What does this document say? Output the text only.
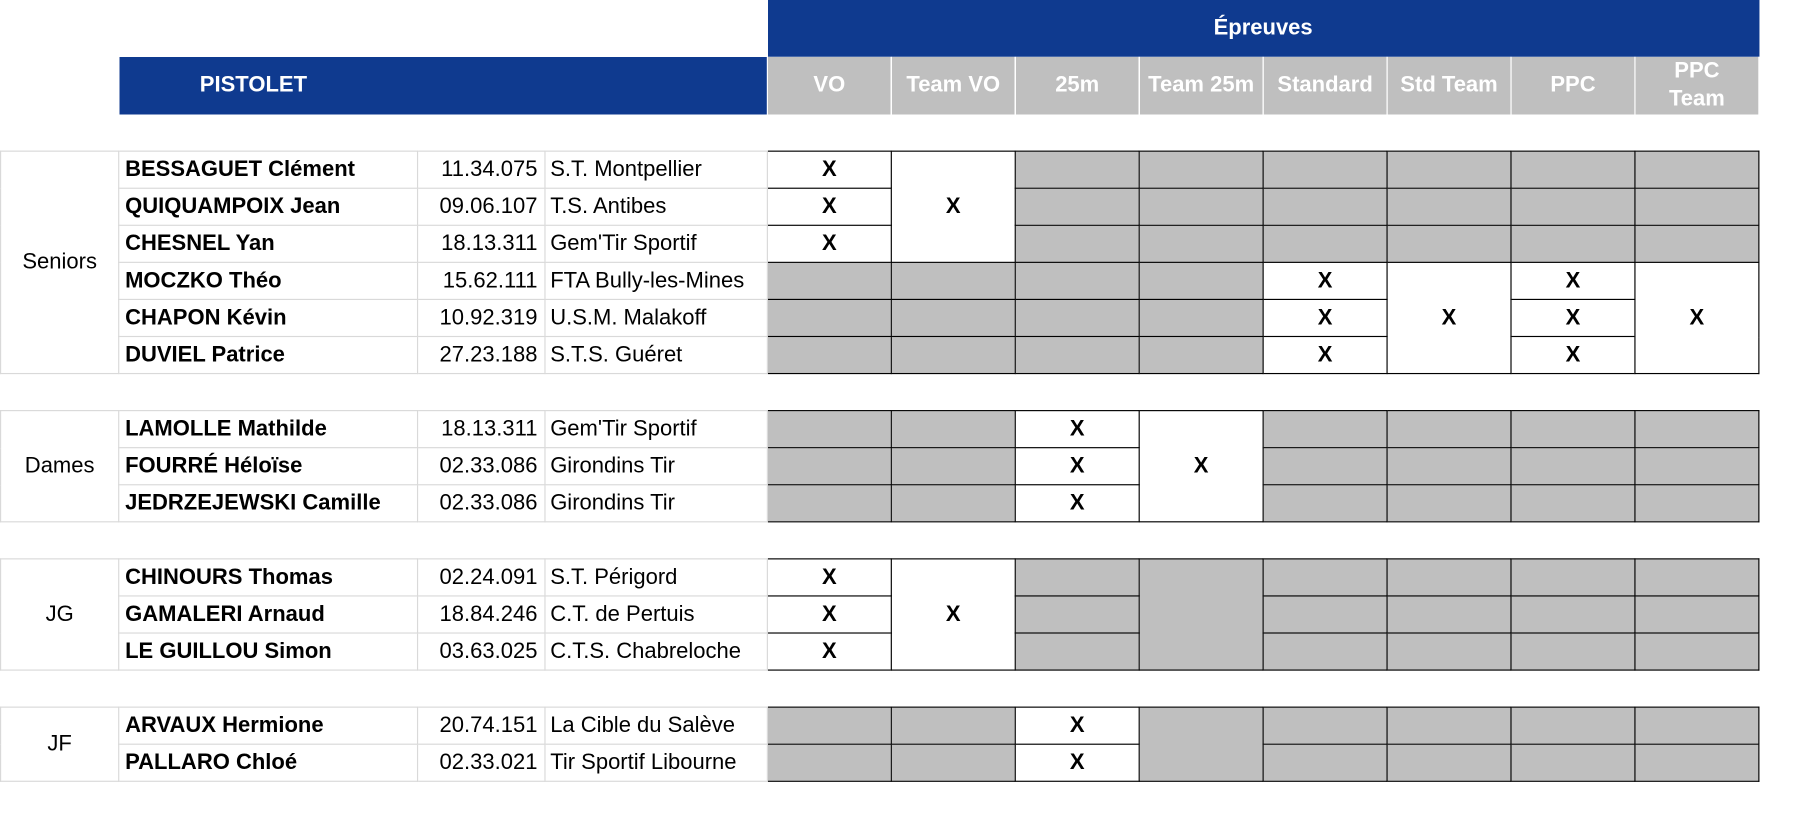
				Épreuves							
	PISTOLET			VO	Team VO	25m	Team 25m	Standard	Std Team	PPC	PPC
Team

Seniors	BESSAGUET Clément	11.34.075	S.T. Montpellier	X	X						
	QUIQUAMPOIX Jean	09.06.107	T.S. Antibes	X							
	CHESNEL Yan	18.13.311	Gem'Tir Sportif	X							
	MOCZKO Théo	15.62.111	FTA Bully-les-Mines					X	X	X	X
	CHAPON Kévin	10.92.319	U.S.M. Malakoff					X		X	
	DUVIEL Patrice	27.23.188	S.T.S. Guéret					X		X	

Dames	LAMOLLE Mathilde	18.13.311	Gem'Tir Sportif			X	X				
	FOURRÉ Héloïse	02.33.086	Girondins Tir			X					
	JEDRZEJEWSKI Camille	02.33.086	Girondins Tir			X					

JG	CHINOURS Thomas	02.24.091	S.T. Périgord	X	X						
	GAMALERI Arnaud	18.84.246	C.T. de Pertuis	X							
	LE GUILLOU Simon	03.63.025	C.T.S. Chabreloche	X							

JF	ARVAUX Hermione	20.74.151	La Cible du Salève			X					
	PALLARO Chloé	02.33.021	Tir Sportif Libourne			X					
